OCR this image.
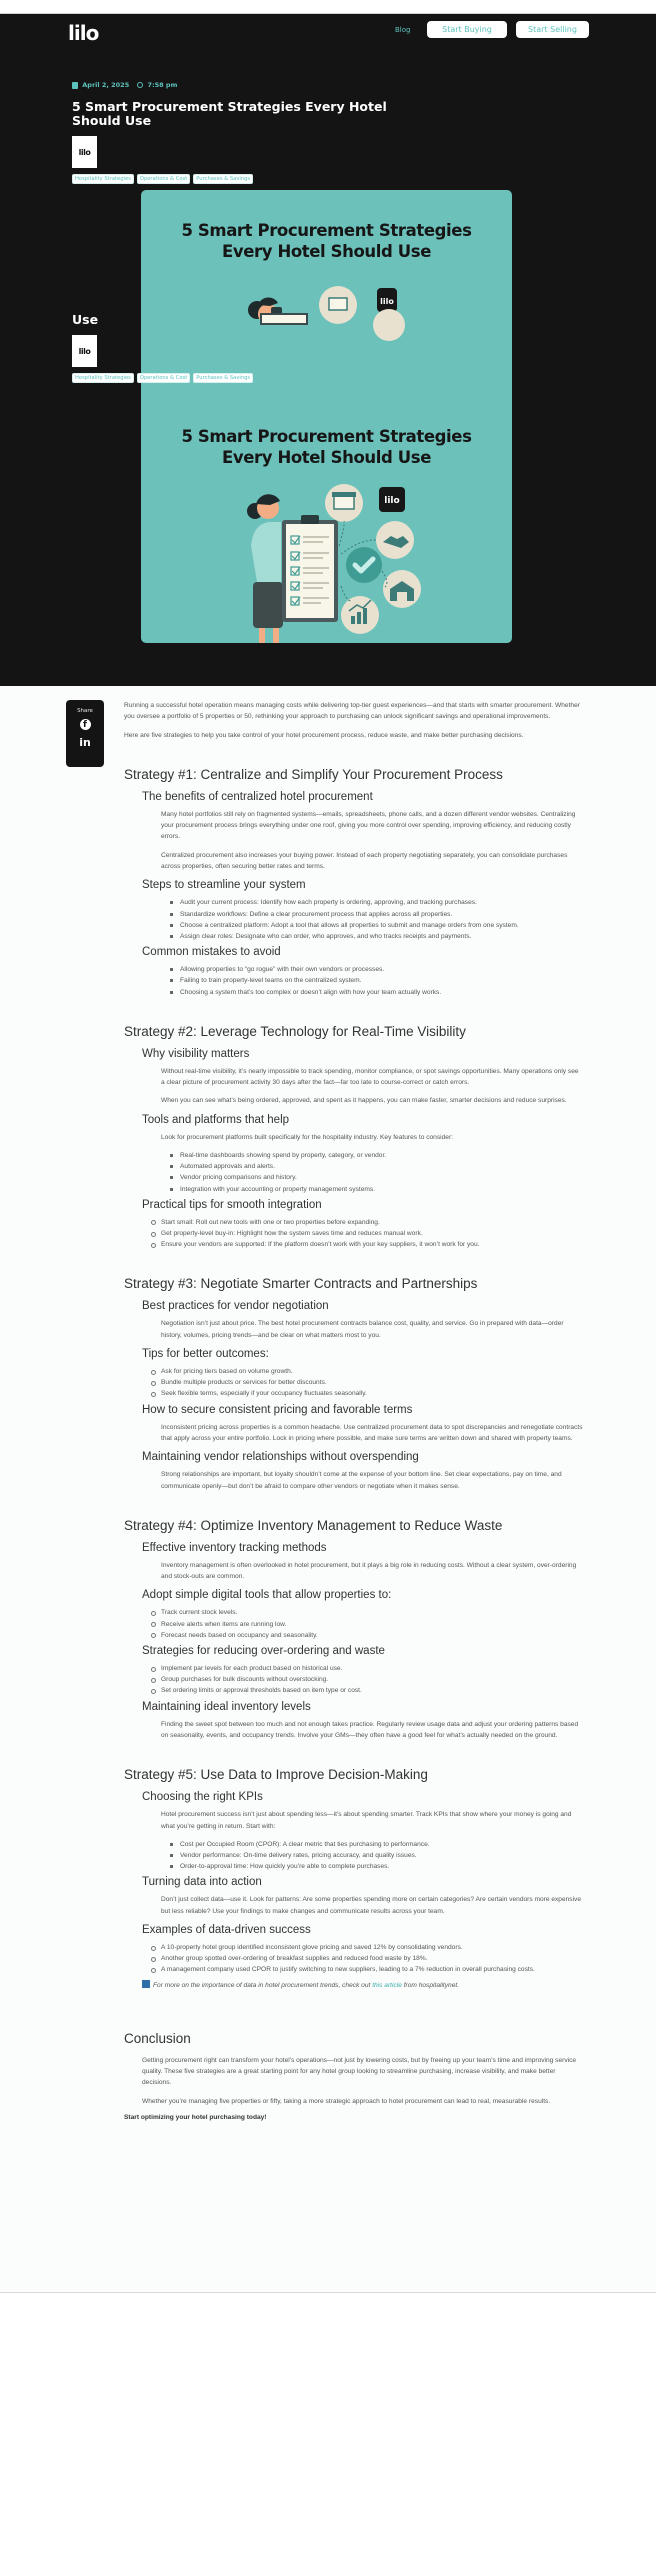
lilo	Blog	Start Buying	Start Selling
April 2, 2025	7:58 pm
5 Smart Procurement Strategies Every Hotel Should Use
lilo
Hospitality Strategies	Operations & Cost	Purchases & Savings
5 Smart Procurement Strategies
Every Hotel Should Use
lilo
Use
lilo
Hospitality Strategies	Operations & Cost	Purchases & Savings
5 Smart Procurement Strategies
Every Hotel Should Use
lilo
Share
f
in

Running a successful hotel operation means managing costs while delivering top-tier guest experiences—and that starts with smarter procurement. Whether you oversee a portfolio of 5 properties or 50, rethinking your approach to purchasing can unlock significant savings and operational improvements.

Here are five strategies to help you take control of your hotel procurement process, reduce waste, and make better purchasing decisions.

Strategy #1: Centralize and Simplify Your Procurement Process
The benefits of centralized hotel procurement

Many hotel portfolios still rely on fragmented systems—emails, spreadsheets, phone calls, and a dozen different vendor websites. Centralizing your procurement process brings everything under one roof, giving you more control over spending, improving efficiency, and reducing costly errors.

Centralized procurement also increases your buying power. Instead of each property negotiating separately, you can consolidate purchases across properties, often securing better rates and terms.

Steps to streamline your system
Audit your current process: Identify how each property is ordering, approving, and tracking purchases.
Standardize workflows: Define a clear procurement process that applies across all properties.
Choose a centralized platform: Adopt a tool that allows all properties to submit and manage orders from one system.
Assign clear roles: Designate who can order, who approves, and who tracks receipts and payments.
Common mistakes to avoid
Allowing properties to “go rogue” with their own vendors or processes.
Failing to train property-level teams on the centralized system.
Choosing a system that’s too complex or doesn’t align with how your team actually works.
Strategy #2: Leverage Technology for Real-Time Visibility
Why visibility matters

Without real-time visibility, it’s nearly impossible to track spending, monitor compliance, or spot savings opportunities. Many operations only see a clear picture of procurement activity 30 days after the fact—far too late to course-correct or catch errors.

When you can see what’s being ordered, approved, and spent as it happens, you can make faster, smarter decisions and reduce surprises.

Tools and platforms that help

Look for procurement platforms built specifically for the hospitality industry. Key features to consider:

Real-time dashboards showing spend by property, category, or vendor.
Automated approvals and alerts.
Vendor pricing comparisons and history.
Integration with your accounting or property management systems.
Practical tips for smooth integration
Start small: Roll out new tools with one or two properties before expanding.
Get property-level buy-in: Highlight how the system saves time and reduces manual work.
Ensure your vendors are supported: If the platform doesn’t work with your key suppliers, it won’t work for you.
Strategy #3: Negotiate Smarter Contracts and Partnerships
Best practices for vendor negotiation

Negotiation isn’t just about price. The best hotel procurement contracts balance cost, quality, and service. Go in prepared with data—order history, volumes, pricing trends—and be clear on what matters most to you.

Tips for better outcomes:
Ask for pricing tiers based on volume growth.
Bundle multiple products or services for better discounts.
Seek flexible terms, especially if your occupancy fluctuates seasonally.
How to secure consistent pricing and favorable terms

Inconsistent pricing across properties is a common headache. Use centralized procurement data to spot discrepancies and renegotiate contracts that apply across your entire portfolio. Lock in pricing where possible, and make sure terms are written down and shared with property teams.

Maintaining vendor relationships without overspending

Strong relationships are important, but loyalty shouldn’t come at the expense of your bottom line. Set clear expectations, pay on time, and communicate openly—but don’t be afraid to compare other vendors or negotiate when it makes sense.

Strategy #4: Optimize Inventory Management to Reduce Waste
Effective inventory tracking methods

Inventory management is often overlooked in hotel procurement, but it plays a big role in reducing costs. Without a clear system, over-ordering and stock-outs are common.

Adopt simple digital tools that allow properties to:
Track current stock levels.
Receive alerts when items are running low.
Forecast needs based on occupancy and seasonality.
Strategies for reducing over-ordering and waste
Implement par levels for each product based on historical use.
Group purchases for bulk discounts without overstocking.
Set ordering limits or approval thresholds based on item type or cost.
Maintaining ideal inventory levels

Finding the sweet spot between too much and not enough takes practice. Regularly review usage data and adjust your ordering patterns based on seasonality, events, and occupancy trends. Involve your GMs—they often have a good feel for what’s actually needed on the ground.

Strategy #5: Use Data to Improve Decision-Making
Choosing the right KPIs

Hotel procurement success isn’t just about spending less—it’s about spending smarter. Track KPIs that show where your money is going and what you’re getting in return. Start with:

Cost per Occupied Room (CPOR): A clear metric that ties purchasing to performance.
Vendor performance: On-time delivery rates, pricing accuracy, and quality issues.
Order-to-approval time: How quickly you’re able to complete purchases.
Turning data into action

Don’t just collect data—use it. Look for patterns: Are some properties spending more on certain categories? Are certain vendors more expensive but less reliable? Use your findings to make changes and communicate results across your team.

Examples of data-driven success
A 10-property hotel group identified inconsistent glove pricing and saved 12% by consolidating vendors.
Another group spotted over-ordering of breakfast supplies and reduced food waste by 18%.
A management company used CPOR to justify switching to new suppliers, leading to a 7% reduction in overall purchasing costs.

For more on the importance of data in hotel procurement trends, check out this article from hospitalitynet.

Conclusion

Getting procurement right can transform your hotel’s operations—not just by lowering costs, but by freeing up your team’s time and improving service quality. These five strategies are a great starting point for any hotel group looking to streamline purchasing, increase visibility, and make better decisions.

Whether you’re managing five properties or fifty, taking a more strategic approach to hotel procurement can lead to real, measurable results.

Start optimizing your hotel purchasing today!
